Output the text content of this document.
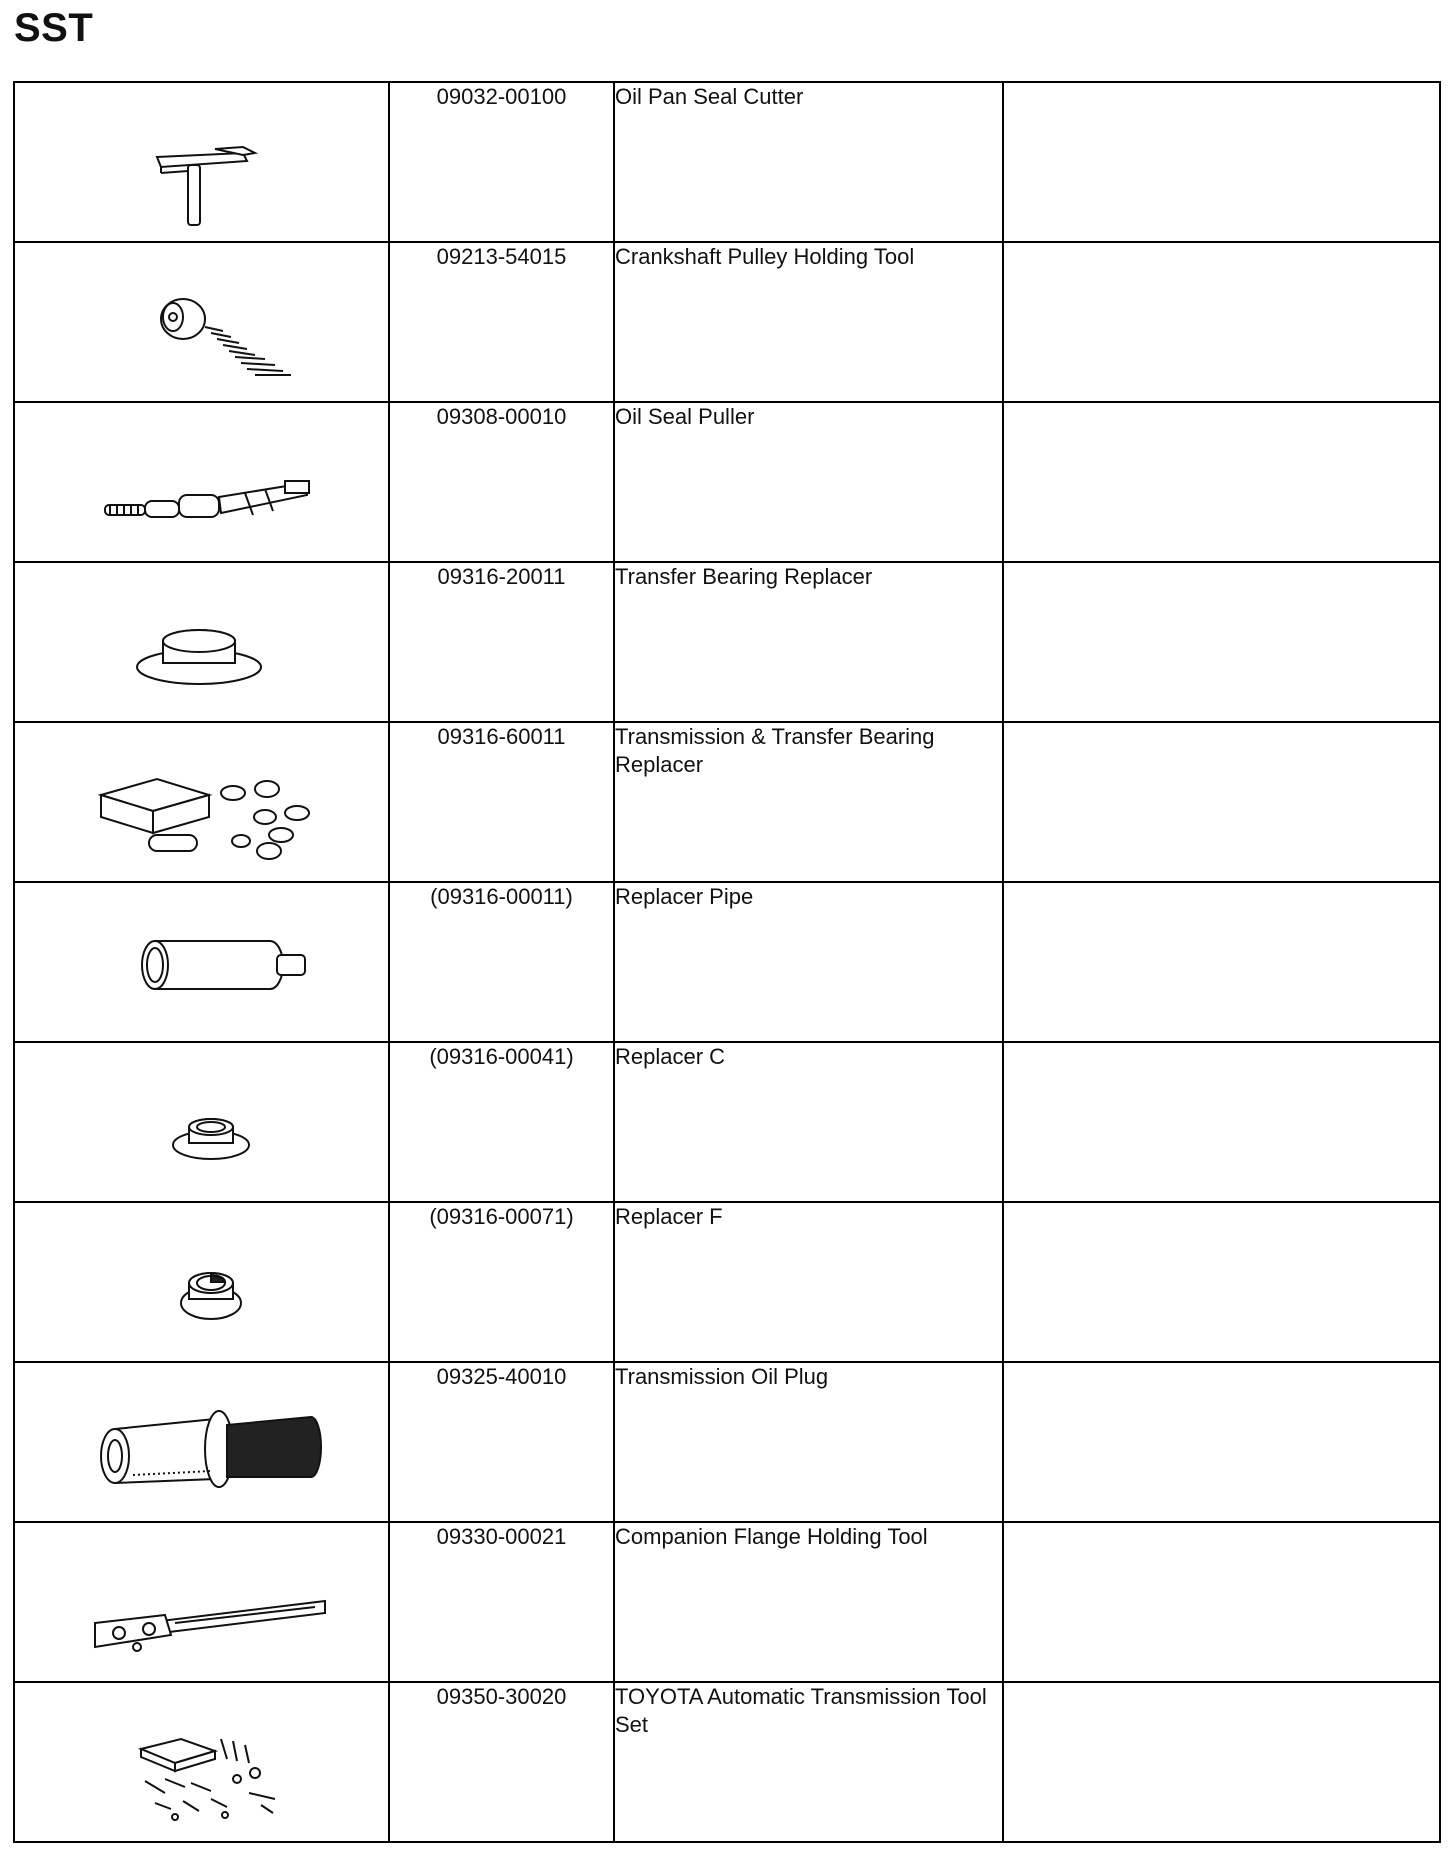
SST
	09032-00100	Oil Pan Seal Cutter	

	09213-54015	Crankshaft Pulley Holding Tool	

	09308-00010	Oil Seal Puller	

	09316-20011	Transfer Bearing Replacer	

	09316-60011	Transmission & Transfer Bearing Replacer	

	(09316-00011)	Replacer Pipe	

	(09316-00041)	Replacer C	

	(09316-00071)	Replacer F	

	09325-40010	Transmission Oil Plug	

	09330-00021	Companion Flange Holding Tool	

	09350-30020	TOYOTA Automatic Transmission Tool Set	
